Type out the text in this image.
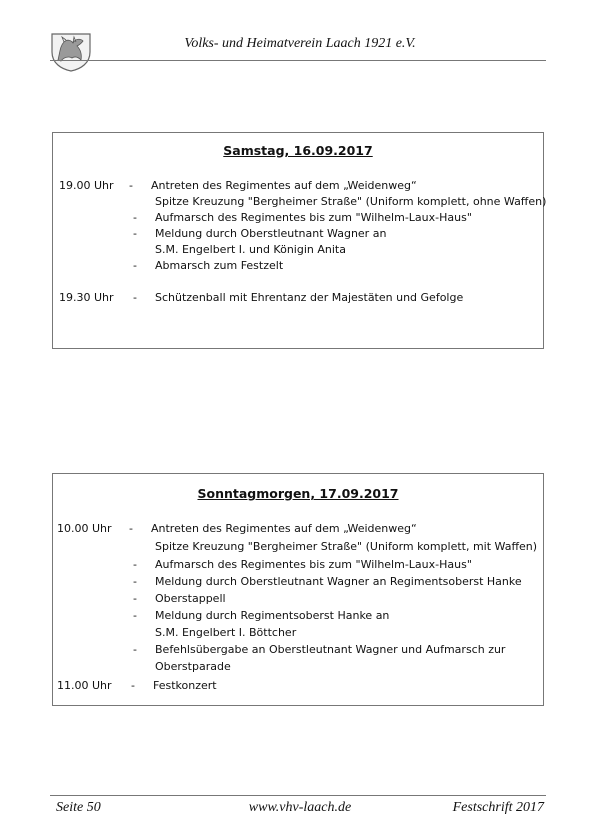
Volks- und Heimatverein Laach 1921 e.V.
Samstag, 16.09.2017
19.00 Uhr - Antreten des Regimentes auf dem „Weidenweg“
Spitze Kreuzung "Bergheimer Straße" (Uniform komplett, ohne Waffen)
- Aufmarsch des Regimentes bis zum "Wilhelm-Laux-Haus"
- Meldung durch Oberstleutnant Wagner an
S.M. Engelbert I. und Königin Anita
- Abmarsch zum Festzelt
19.30 Uhr - Schützenball mit Ehrentanz der Majestäten und Gefolge
Sonntagmorgen, 17.09.2017
10.00 Uhr - Antreten des Regimentes auf dem „Weidenweg“
Spitze Kreuzung "Bergheimer Straße" (Uniform komplett, mit Waffen)
- Aufmarsch des Regimentes bis zum "Wilhelm-Laux-Haus"
- Meldung durch Oberstleutnant Wagner an Regimentsoberst Hanke
- Oberstappell
- Meldung durch Regimentsoberst Hanke an
S.M. Engelbert I. Böttcher
- Befehlsübergabe an Oberstleutnant Wagner und Aufmarsch zur
Oberstparade
11.00 Uhr - Festkonzert
Seite 50	www.vhv-laach.de	Festschrift 2017
